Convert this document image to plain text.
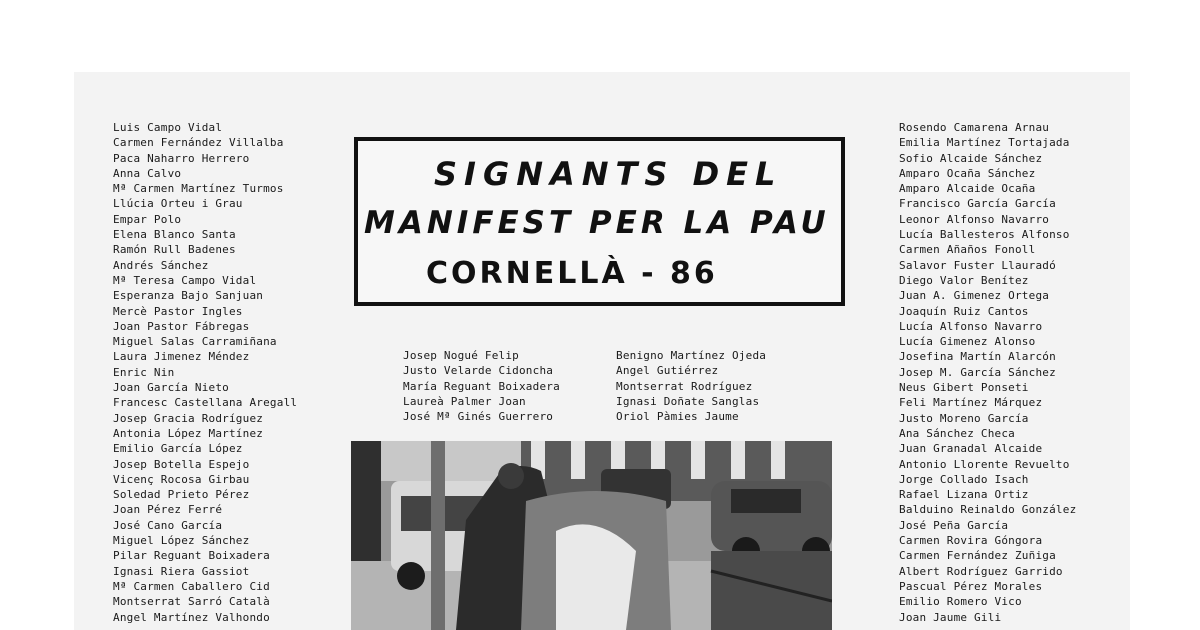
Luis Campo Vidal
Carmen Fernández Villalba
Paca Naharro Herrero
Anna Calvo
Mª Carmen Martínez Turmos
Llúcia Orteu i Grau
Empar Polo
Elena Blanco Santa
Ramón Rull Badenes
Andrés Sánchez
Mª Teresa Campo Vidal
Esperanza Bajo Sanjuan
Mercè Pastor Ingles
Joan Pastor Fábregas
Miguel Salas Carramiñana
Laura Jimenez Méndez
Enric Nin
Joan García Nieto
Francesc Castellana Aregall
Josep Gracia Rodríguez
Antonia López Martínez
Emilio García López
Josep Botella Espejo
Vicenç Rocosa Girbau
Soledad Prieto Pérez
Joan Pérez Ferré
José Cano García
Miguel López Sánchez
Pilar Reguant Boixadera
Ignasi Riera Gassiot
Mª Carmen Caballero Cid
Montserrat Sarró Català
Angel Martínez Valhondo
SIGNANTS DEL
MANIFEST PER LA PAU
CORNELLÀ - 86
Josep Nogué Felip
Justo Velarde Cidoncha
María Reguant Boixadera
Laureà Palmer Joan
José Mª Ginés Guerrero
Benigno Martínez Ojeda
Angel Gutiérrez
Montserrat Rodríguez
Ignasi Doñate Sanglas
Oriol Pàmies Jaume
Rosendo Camarena Arnau
Emilia Martínez Tortajada
Sofio Alcaide Sánchez
Amparo Ocaña Sánchez
Amparo Alcaide Ocaña
Francisco García García
Leonor Alfonso Navarro
Lucía Ballesteros Alfonso
Carmen Añaños Fonoll
Salavor Fuster Llauradó
Diego Valor Benítez
Juan A. Gimenez Ortega
Joaquín Ruiz Cantos
Lucía Alfonso Navarro
Lucía Gimenez Alonso
Josefina Martín Alarcón
Josep M. García Sánchez
Neus Gibert Ponseti
Feli Martínez Márquez
Justo Moreno García
Ana Sánchez Checa
Juan Granadal Alcaide
Antonio Llorente Revuelto
Jorge Collado Isach
Rafael Lizana Ortiz
Balduino Reinaldo González
José Peña García
Carmen Rovira Góngora
Carmen Fernández Zuñiga
Albert Rodríguez Garrido
Pascual Pérez Morales
Emilio Romero Vico
Joan Jaume Gili
